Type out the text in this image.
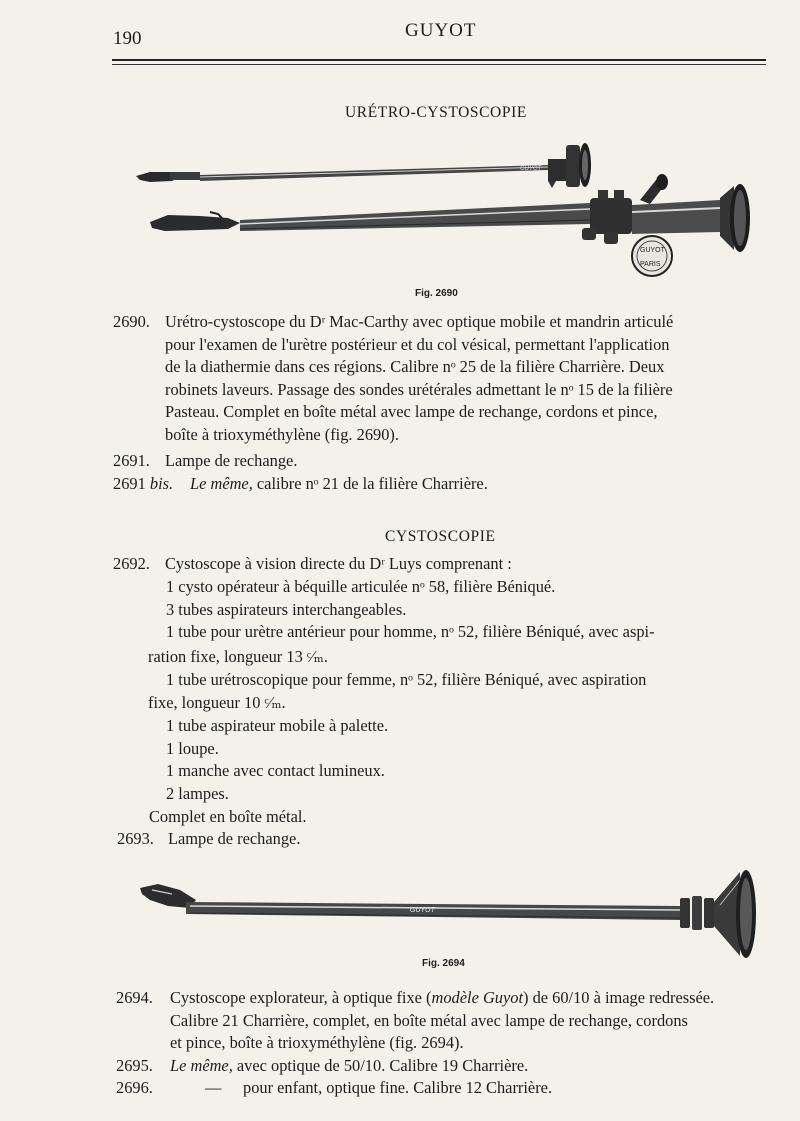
190	GUYOT
URÉTRO-CYSTOSCOPIE
GUYOT
GUYOT
PARIS
Fig. 2690
2690. Urétro-cystoscope du Dʳ Mac-Carthy avec optique mobile et mandrin articulé
pour l'examen de l'urètre postérieur et du col vésical, permettant l'application
de la diathermie dans ces régions. Calibre nᵒ 25 de la filière Charrière. Deux
robinets laveurs. Passage des sondes urétérales admettant le nᵒ 15 de la filière
Pasteau. Complet en boîte métal avec lampe de rechange, cordons et pince,
boîte à trioxyméthylène (fig. 2690).
2691. Lampe de rechange.
2691 bis. Le même, calibre nᵒ 21 de la filière Charrière.
CYSTOSCOPIE
2692. Cystoscope à vision directe du Dʳ Luys comprenant :
1 cysto opérateur à béquille articulée nᵒ 58, filière Béniqué.
3 tubes aspirateurs interchangeables.
1 tube pour urètre antérieur pour homme, nᵒ 52, filière Béniqué, avec aspi-
ration fixe, longueur 13 ᶜ⁄ₘ.
1 tube urétroscopique pour femme, nᵒ 52, filière Béniqué, avec aspiration
fixe, longueur 10 ᶜ⁄ₘ.
1 tube aspirateur mobile à palette.
1 loupe.
1 manche avec contact lumineux.
2 lampes.
Complet en boîte métal.
2693. Lampe de rechange.
GUYOT
Fig. 2694
2694. Cystoscope explorateur, à optique fixe (modèle Guyot) de 60/10 à image redressée.
Calibre 21 Charrière, complet, en boîte métal avec lampe de rechange, cordons
et pince, boîte à trioxyméthylène (fig. 2694).
2695. Le même, avec optique de 50/10. Calibre 19 Charrière.
2696.	— pour enfant, optique fine. Calibre 12 Charrière.
